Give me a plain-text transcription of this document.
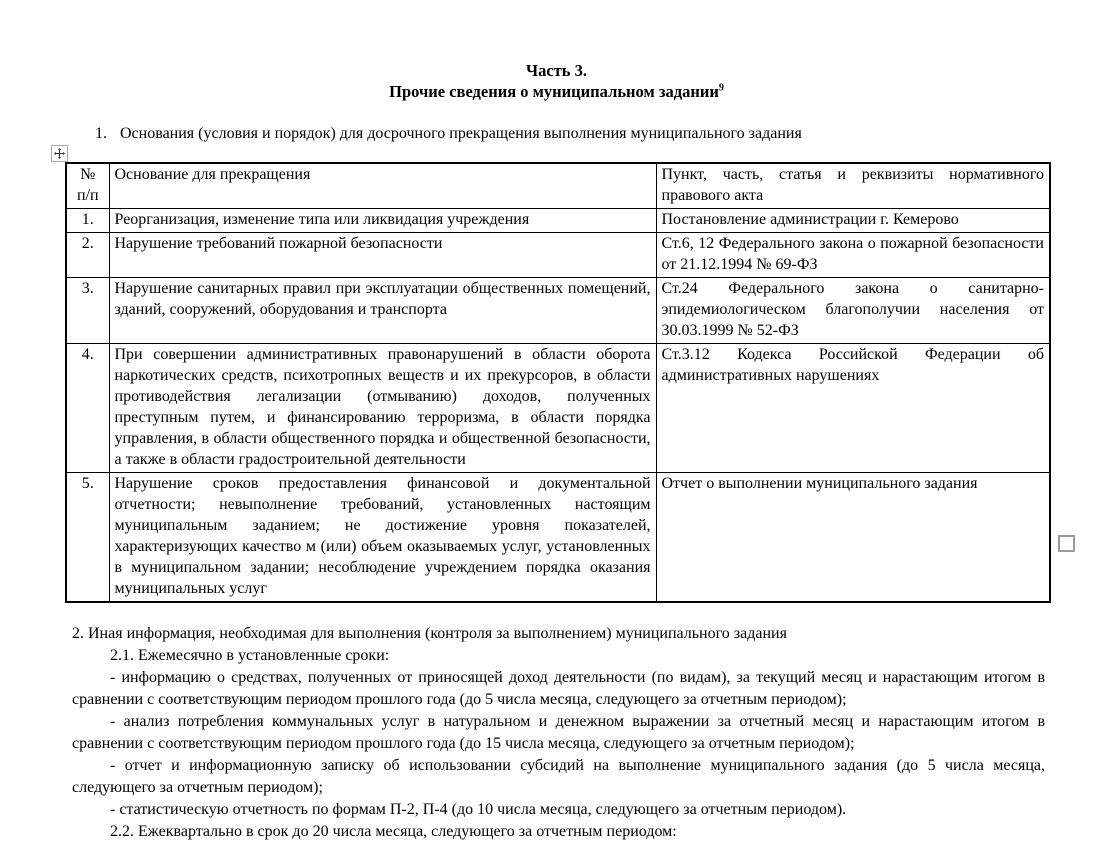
Часть 3.
Прочие сведения о муниципальном задании$^9$
1. Основания (условия и порядок) для досрочного прекращения выполнения муниципального задания
№ п/п	Основание для прекращения	Пункт, часть, статья и реквизиты нормативного правового акта
1.	Реорганизация, изменение типа или ликвидация учреждения	Постановление администрации г. Кемерово
2.	Нарушение требований пожарной безопасности	Ст.6, 12 Федерального закона о пожарной безопасности от 21.12.1994 № 69-ФЗ
3.	Нарушение санитарных правил при эксплуатации общественных помещений, зданий, сооружений, оборудования и транспорта	Ст.24 Федерального закона о санитарно-эпидемиологическом благополучии населения от 30.03.1999 № 52-ФЗ
4.	При совершении административных правонарушений в области оборота наркотических средств, психотропных веществ и их прекурсоров, в области противодействия легализации (отмыванию) доходов, полученных преступным путем, и финансированию терроризма, в области порядка управления, в области общественного порядка и общественной безопасности, а также в области градостроительной деятельности	Ст.3.12 Кодекса Российской Федерации об административных нарушениях
5.	Нарушение сроков предоставления финансовой и документальной отчетности; невыполнение требований, установленных настоящим муниципальным заданием; не достижение уровня показателей, характеризующих качество м (или) объем оказываемых услуг, установленных в муниципальном задании; несоблюдение учреждением порядка оказания муниципальных услуг	Отчет о выполнении муниципального задания

2. Иная информация, необходимая для выполнения (контроля за выполнением) муниципального задания

2.1. Ежемесячно в установленные сроки:

- информацию о средствах, полученных от приносящей доход деятельности (по видам), за текущий месяц и нарастающим итогом в сравнении с соответствующим периодом прошлого года (до 5 числа месяца, следующего за отчетным периодом);

- анализ потребления коммунальных услуг в натуральном и денежном выражении за отчетный месяц и нарастающим итогом в сравнении с соответствующим периодом прошлого года (до 15 числа месяца, следующего за отчетным периодом);

- отчет и информационную записку об использовании субсидий на выполнение муниципального задания (до 5 числа месяца, следующего за отчетным периодом);

- статистическую отчетность по формам П-2, П-4 (до 10 числа месяца, следующего за отчетным периодом).

2.2. Ежеквартально в срок до 20 числа месяца, следующего за отчетным периодом:
